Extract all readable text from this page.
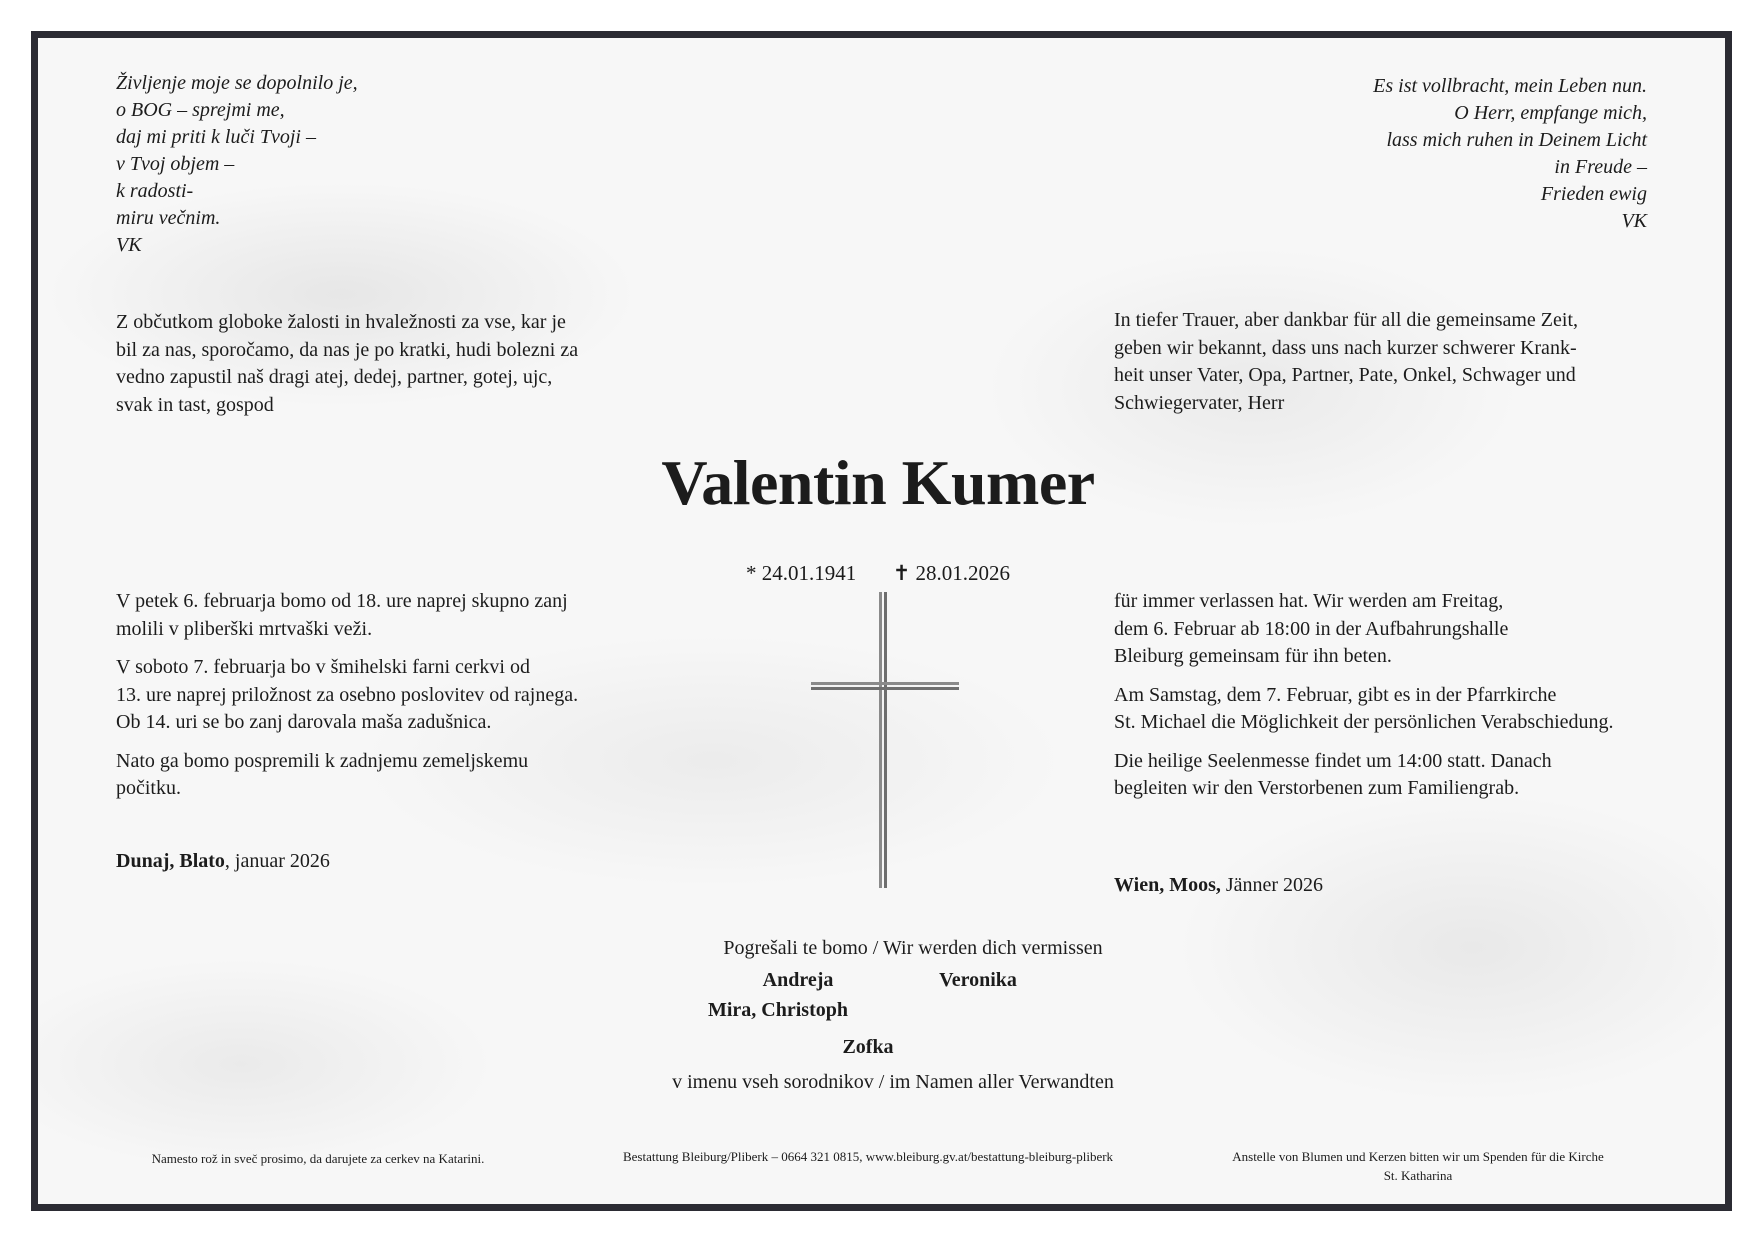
Življenje moje se dopolnilo je,
o BOG – sprejmi me,
daj mi priti k luči Tvoji –
v Tvoj objem –
k radosti-
miru večnim.
VK
Es ist vollbracht, mein Leben nun.
O Herr, empfange mich,
lass mich ruhen in Deinem Licht
in Freude –
Frieden ewig
VK
Z občutkom globoke žalosti in hvaležnosti za vse, kar je
bil za nas, sporočamo, da nas je po kratki, hudi bolezni za
vedno zapustil naš dragi atej, dedej, partner, gotej, ujc,
svak in tast, gospod
In tiefer Trauer, aber dankbar für all die gemeinsame Zeit,
geben wir bekannt, dass uns nach kurzer schwerer Krank-
heit unser Vater, Opa, Partner, Pate, Onkel, Schwager und
Schwiegervater, Herr
Valentin Kumer
* 24.01.1941 ✝ 28.01.2026

V petek 6. februarja bomo od 18. ure naprej skupno zanj
molili v pliberški mrtvaški veži.

V soboto 7. februarja bo v šmihelski farni cerkvi od
13. ure naprej priložnost za osebno poslovitev od rajnega.
Ob 14. uri se bo zanj darovala maša zadušnica.

Nato ga bomo pospremili k zadnjemu zemeljskemu
počitku.

für immer verlassen hat. Wir werden am Freitag,
dem 6. Februar ab 18:00 in der Aufbahrungshalle
Bleiburg gemeinsam für ihn beten.

Am Samstag, dem 7. Februar, gibt es in der Pfarrkirche
St. Michael die Möglichkeit der persönlichen Verabschiedung.

Die heilige Seelenmesse findet um 14:00 statt. Danach
begleiten wir den Verstorbenen zum Familiengrab.

Dunaj, Blato, januar 2026
Wien, Moos, Jänner 2026
Pogrešali te bomo / Wir werden dich vermissen
Andreja	Veronika
Mira, Christoph
Zofka
v imenu vseh sorodnikov / im Namen aller Verwandten
Namesto rož in sveč prosimo, da darujete za cerkev na Katarini.	Bestattung Bleiburg/Pliberk – 0664 321 0815, www.bleiburg.gv.at/bestattung-bleiburg-pliberk	Anstelle von Blumen und Kerzen bitten wir um Spenden für die Kirche
St. Katharina
